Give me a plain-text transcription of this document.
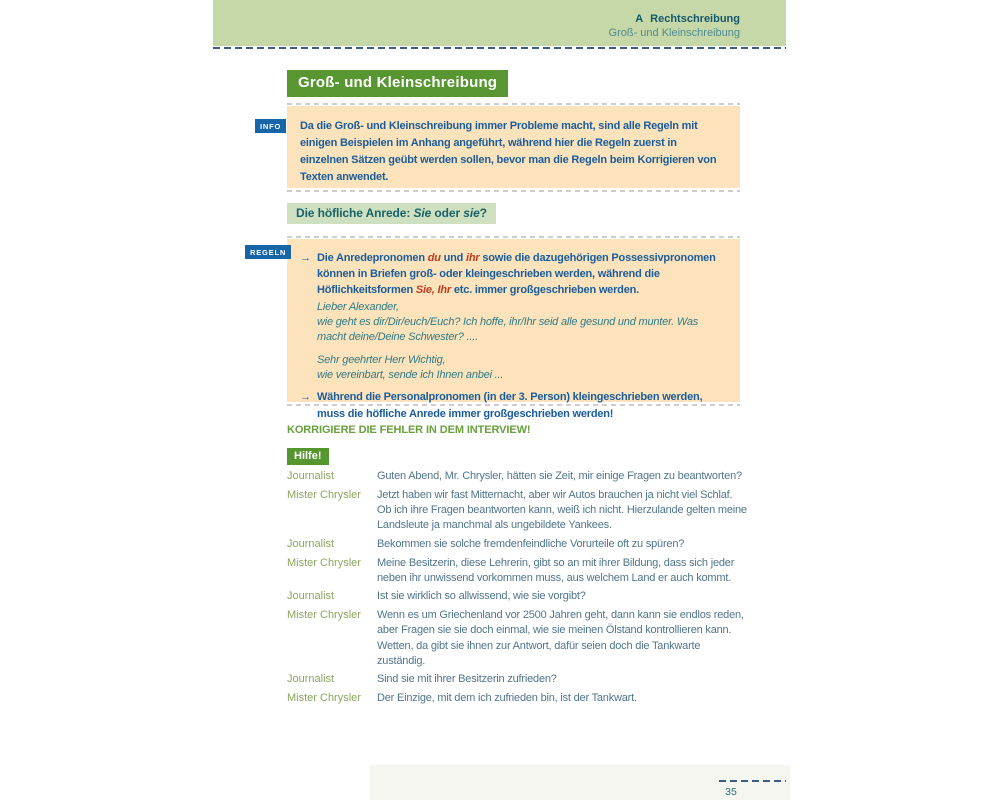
A Rechtschreibung
Groß- und Kleinschreibung
Groß- und Kleinschreibung
Da die Groß- und Kleinschreibung immer Probleme macht, sind alle Regeln mit einigen Beispielen im Anhang angeführt, während hier die Regeln zuerst in einzelnen Sätzen geübt werden sollen, bevor man die Regeln beim Korrigieren von Texten anwendet.
INFO
Die höfliche Anrede: Sie oder sie?
→ Die Anredepronomen du und ihr sowie die dazugehörigen Possessivpronomen können in Briefen groß- oder kleingeschrieben werden, während die Höflichkeitsformen Sie, Ihr etc. immer großgeschrieben werden.
Lieber Alexander,
wie geht es dir/Dir/euch/Euch? Ich hoffe, ihr/Ihr seid alle gesund und munter. Was macht deine/Deine Schwester? ....
Sehr geehrter Herr Wichtig,
wie vereinbart, sende ich Ihnen anbei ...
→ Während die Personalpronomen (in der 3. Person) kleingeschrieben werden, muss die höfliche Anrede immer großgeschrieben werden!
REGELN
KORRIGIERE DIE FEHLER IN DEM INTERVIEW!
Hilfe!
Journalist	Guten Abend, Mr. Chrysler, hätten sie Zeit, mir einige Fragen zu beantworten?
Mister Chrysler	Jetzt haben wir fast Mitternacht, aber wir Autos brauchen ja nicht viel Schlaf. Ob ich ihre Fragen beantworten kann, weiß ich nicht. Hierzulande gelten meine Landsleute ja manchmal als ungebildete Yankees.
Journalist	Bekommen sie solche fremdenfeindliche Vorurteile oft zu spüren?
Mister Chrysler	Meine Besitzerin, diese Lehrerin, gibt so an mit ihrer Bildung, dass sich jeder neben ihr unwissend vorkommen muss, aus welchem Land er auch kommt.
Journalist	Ist sie wirklich so allwissend, wie sie vorgibt?
Mister Chrysler	Wenn es um Griechenland vor 2500 Jahren geht, dann kann sie endlos reden, aber Fragen sie sie doch einmal, wie sie meinen Ölstand kontrollieren kann. Wetten, da gibt sie ihnen zur Antwort, dafür seien doch die Tankwarte zuständig.
Journalist	Sind sie mit ihrer Besitzerin zufrieden?
Mister Chrysler	Der Einzige, mit dem ich zufrieden bin, ist der Tankwart.
35
